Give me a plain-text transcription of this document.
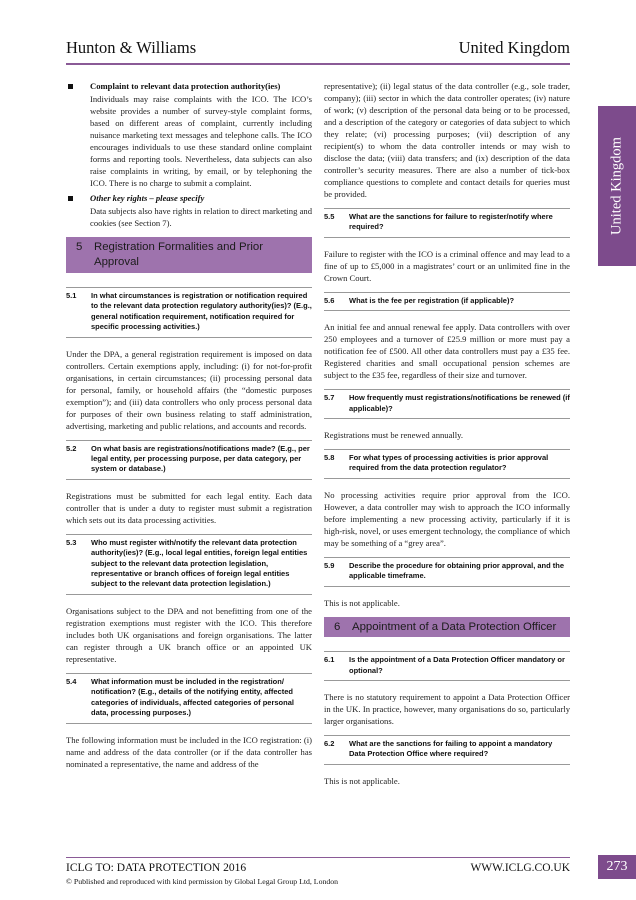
Hunton & Williams	United Kingdom
United Kingdom
Complaint to relevant data protection authority(ies)

Individuals may raise complaints with the ICO. The ICO’s website provides a number of survey-style complaint forms, based on different areas of complaint, currently including nuisance marketing text messages and telephone calls. The ICO encourages individuals to use these standard online complaint forms and reporting tools. Nevertheless, data subjects can also raise complaints in writing, by email, or by telephoning the ICO. There is no charge to submit a complaint.

Other key rights – please specify

Data subjects also have rights in relation to direct marketing and cookies (see Section 7).

5 Registration Formalities and Prior Approval
5.1	In what circumstances is registration or notification required to the relevant data protection regulatory authority(ies)? (E.g., general notification requirement, notification required for specific processing activities.)

Under the DPA, a general registration requirement is imposed on data controllers. Certain exemptions apply, including: (i) for not-for-profit organisations, in certain circumstances; (ii) processing personal data for personal, family, or household affairs (the “domestic purposes exemption”); and (iii) data controllers who only process personal data for purposes of their own business relating to staff administration, advertising, marketing and public relations, and accounts and records.

5.2	On what basis are registrations/notifications made? (E.g., per legal entity, per processing purpose, per data category, per system or database.)

Registrations must be submitted for each legal entity. Each data controller that is under a duty to register must submit a registration which sets out its data processing activities.

5.3	Who must register with/notify the relevant data protection authority(ies)? (E.g., local legal entities, foreign legal entities subject to the relevant data protection legislation, representative or branch offices of foreign legal entities subject to the relevant data protection legislation.)

Organisations subject to the DPA and not benefitting from one of the registration exemptions must register with the ICO. This therefore includes both UK organisations and foreign organisations. The latter can register through a UK branch office or an appointed UK representative.

5.4	What information must be included in the registration/ notification? (E.g., details of the notifying entity, affected categories of individuals, affected categories of personal data, processing purposes.)

The following information must be included in the ICO registration: (i) name and address of the data controller (or if the data controller has nominated a representative, the name and address of the

representative); (ii) legal status of the data controller (e.g., sole trader, company); (iii) sector in which the data controller operates; (iv) nature of work; (v) description of the personal data being or to be processed, and a description of the category or categories of data subject to which they relate; (vi) processing purposes; (vii) description of any recipient(s) to whom the data controller intends or may wish to disclose the data; (viii) data transfers; and (ix) description of the data controller’s security measures. There are also a number of tick-box compliance questions to complete and contact details for queries must be provided.

5.5	What are the sanctions for failure to register/notify where required?

Failure to register with the ICO is a criminal offence and may lead to a fine of up to £5,000 in a magistrates’ court or an unlimited fine in the Crown Court.

5.6	What is the fee per registration (if applicable)?

An initial fee and annual renewal fee apply. Data controllers with over 250 employees and a turnover of £25.9 million or more must pay a notification fee of £500. All other data controllers must pay a £35 fee. Registered charities and small occupational pension schemes are subject to the £35 fee, regardless of their size and turnover.

5.7	How frequently must registrations/notifications be renewed (if applicable)?

Registrations must be renewed annually.

5.8	For what types of processing activities is prior approval required from the data protection regulator?

No processing activities require prior approval from the ICO. However, a data controller may wish to approach the ICO informally before implementing a new processing activity, particularly if it is high-risk, novel, or uses emergent technology, the compliance of which may be something of a “grey area”.

5.9	Describe the procedure for obtaining prior approval, and the applicable timeframe.

This is not applicable.

6 Appointment of a Data Protection Officer
6.1	Is the appointment of a Data Protection Officer mandatory or optional?

There is no statutory requirement to appoint a Data Protection Officer in the UK. In practice, however, many organisations do so, particularly larger organisations.

6.2	What are the sanctions for failing to appoint a mandatory Data Protection Office where required?

This is not applicable.

ICLG TO: DATA PROTECTION 2016	WWW.ICLG.CO.UK
© Published and reproduced with kind permission by Global Legal Group Ltd, London
273
